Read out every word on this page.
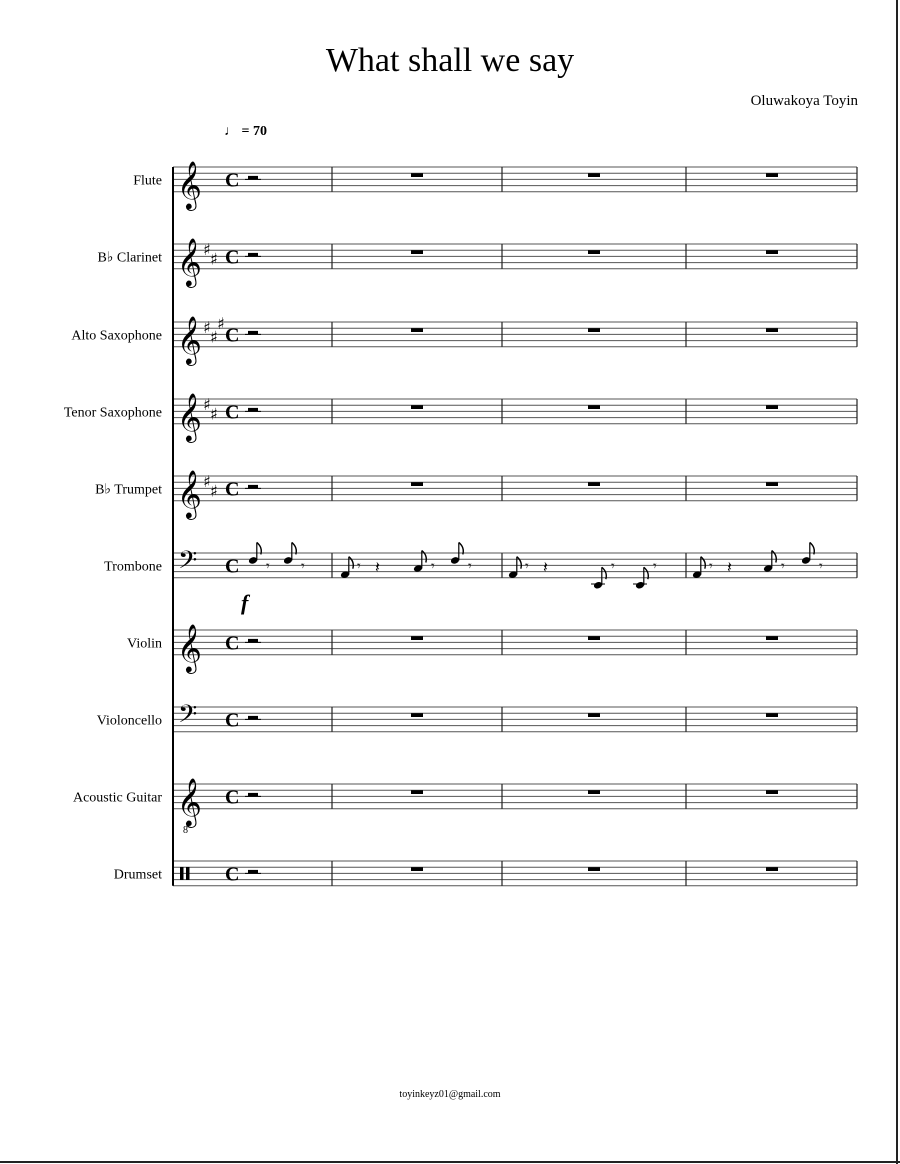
What shall we say
Oluwakoya Toyin
♩ = 70
f
Flute 𝄞 C
B♭ Clarinet 𝄞 ♯ ♯ C
Alto Saxophone 𝄞 ♯ ♯
♯
C
Tenor Saxophone 𝄞 ♯ ♯ C
B♭ Trumpet 𝄞 ♯ ♯ C
Trombone 𝄢 C 𝄾 𝄾	𝄾 𝄽	𝄾 𝄾	𝄾 𝄽	𝄾	𝄾	𝄾 𝄽	𝄾 𝄾
Violin 𝄞 C
Violoncello 𝄢 C
Acoustic Guitar 𝄞
8
C
Drumset	C
toyinkeyz01@gmail.com
